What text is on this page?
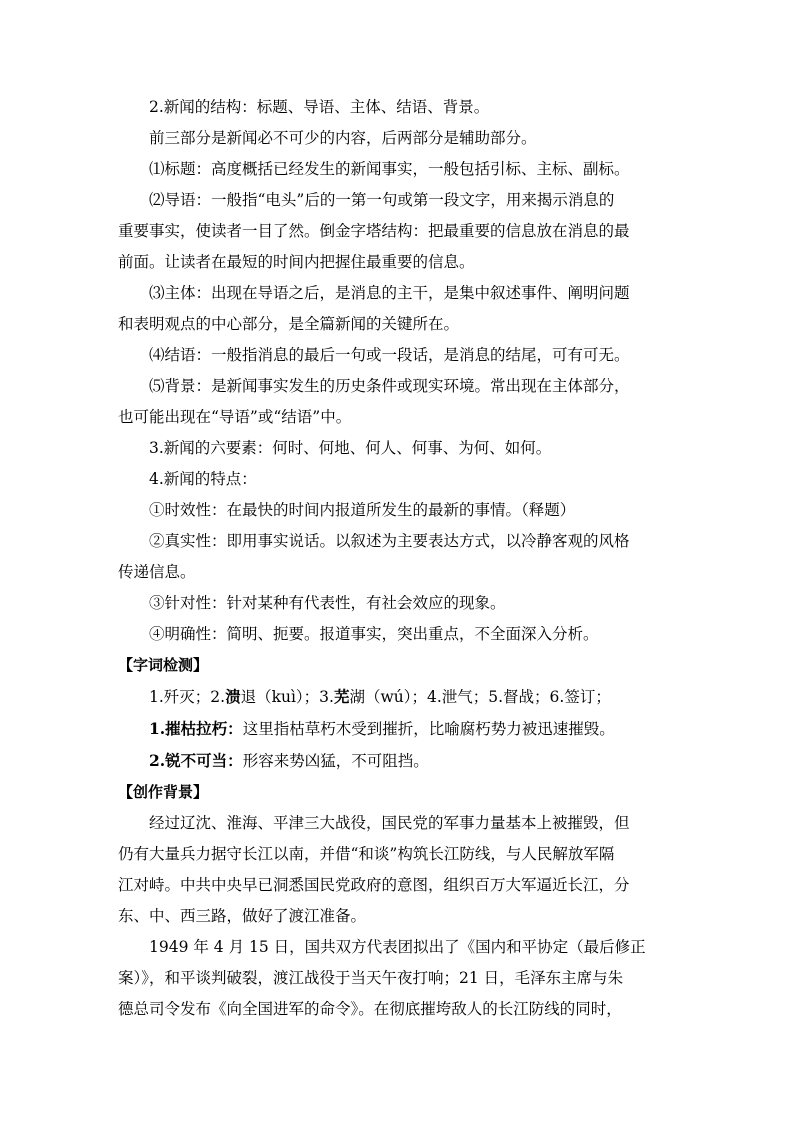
2.新闻的结构：标题、导语、主体、结语、背景。
前三部分是新闻必不可少的内容，后两部分是辅助部分。
⑴标题：高度概括已经发生的新闻事实，一般包括引标、主标、副标。
⑵导语：一般指“电头”后的一第一句或第一段文字，用来揭示消息的
重要事实，使读者一目了然。倒金字塔结构：把最重要的信息放在消息的最
前面。让读者在最短的时间内把握住最重要的信息。
⑶主体：出现在导语之后，是消息的主干，是集中叙述事件、阐明问题
和表明观点的中心部分，是全篇新闻的关键所在。
⑷结语：一般指消息的最后一句或一段话，是消息的结尾，可有可无。
⑸背景：是新闻事实发生的历史条件或现实环境。常出现在主体部分，
也可能出现在“导语”或“结语”中。
3.新闻的六要素：何时、何地、何人、何事、为何、如何。
4.新闻的特点：
①时效性：在最快的时间内报道所发生的最新的事情。（释题）
②真实性：即用事实说话。以叙述为主要表达方式，以冷静客观的风格
传递信息。
③针对性：针对某种有代表性，有社会效应的现象。
④明确性：简明、扼要。报道事实，突出重点，不全面深入分析。
【字词检测】
1.歼灭；2.溃退（kuì）；3.芜湖（wú）；4.泄气；5.督战；6.签订；
1.摧枯拉朽：这里指枯草朽木受到摧折，比喻腐朽势力被迅速摧毁。
2.锐不可当：形容来势凶猛，不可阻挡。
【创作背景】
经过辽沈、淮海、平津三大战役，国民党的军事力量基本上被摧毁，但
仍有大量兵力据守长江以南，并借“和谈”构筑长江防线，与人民解放军隔
江对峙。中共中央早已洞悉国民党政府的意图，组织百万大军逼近长江，分
东、中、西三路，做好了渡江准备。
1949 年 4 月 15 日，国共双方代表团拟出了《国内和平协定（最后修正
案）》，和平谈判破裂，渡江战役于当天午夜打响；21 日，毛泽东主席与朱
德总司令发布《向全国进军的命令》。在彻底摧垮敌人的长江防线的同时，
